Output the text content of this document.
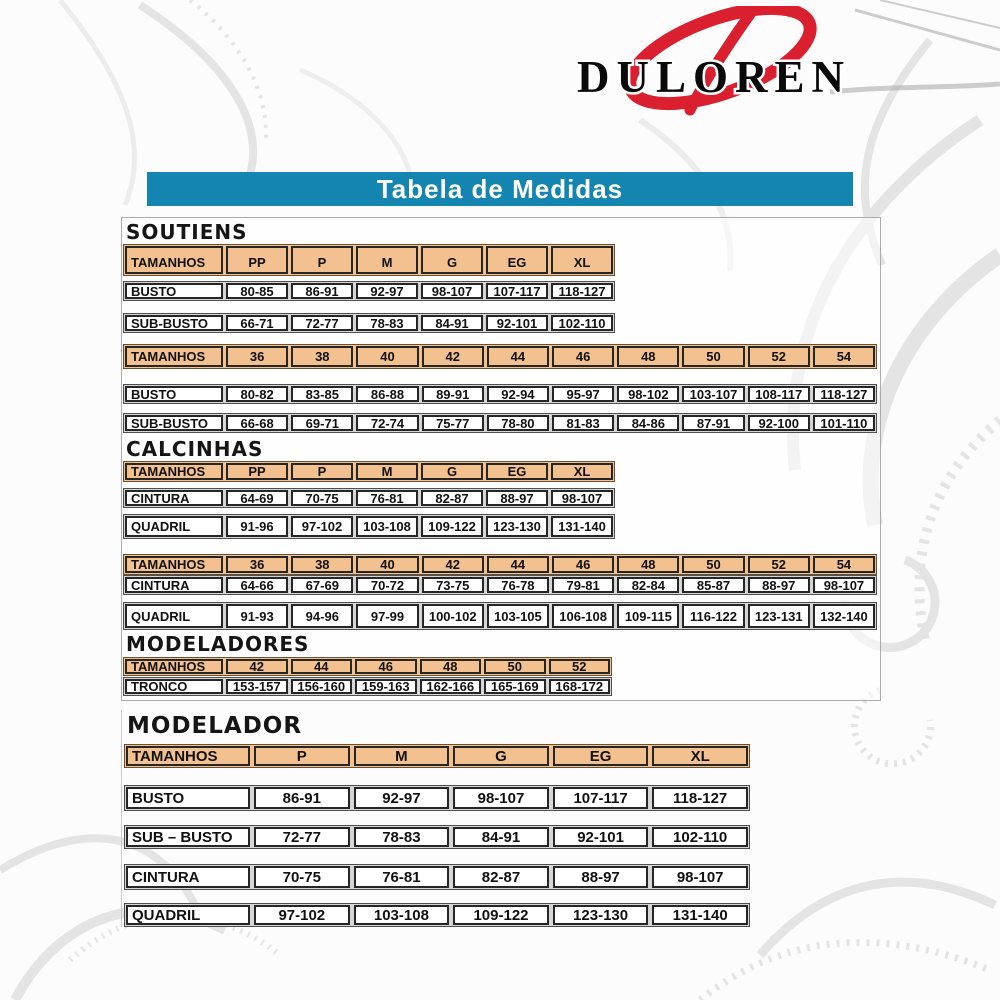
DULOREN
Tabela de Medidas
SOUTIENS
TAMANHOS	PP	P	M	G	EG	XL
BUSTO	80-85	86-91	92-97	98-107	107-117	118-127
SUB-BUSTO	66-71	72-77	78-83	84-91	92-101	102-110
TAMANHOS	36	38	40	42	44	46	48	50	52	54
BUSTO	80-82	83-85	86-88	89-91	92-94	95-97	98-102	103-107	108-117	118-127
SUB-BUSTO	66-68	69-71	72-74	75-77	78-80	81-83	84-86	87-91	92-100	101-110
CALCINHAS
TAMANHOS	PP	P	M	G	EG	XL
CINTURA	64-69	70-75	76-81	82-87	88-97	98-107
QUADRIL	91-96	97-102	103-108	109-122	123-130	131-140
TAMANHOS	36	38	40	42	44	46	48	50	52	54
CINTURA	64-66	67-69	70-72	73-75	76-78	79-81	82-84	85-87	88-97	98-107
QUADRIL	91-93	94-96	97-99	100-102	103-105	106-108	109-115	116-122	123-131	132-140
MODELADORES
TAMANHOS	42	44	46	48	50	52
TRONCO	153-157	156-160	159-163	162-166	165-169	168-172
MODELADOR
TAMANHOS	P	M	G	EG	XL
BUSTO	86-91	92-97	98-107	107-117	118-127
SUB – BUSTO	72-77	78-83	84-91	92-101	102-110
CINTURA	70-75	76-81	82-87	88-97	98-107
QUADRIL	97-102	103-108	109-122	123-130	131-140
